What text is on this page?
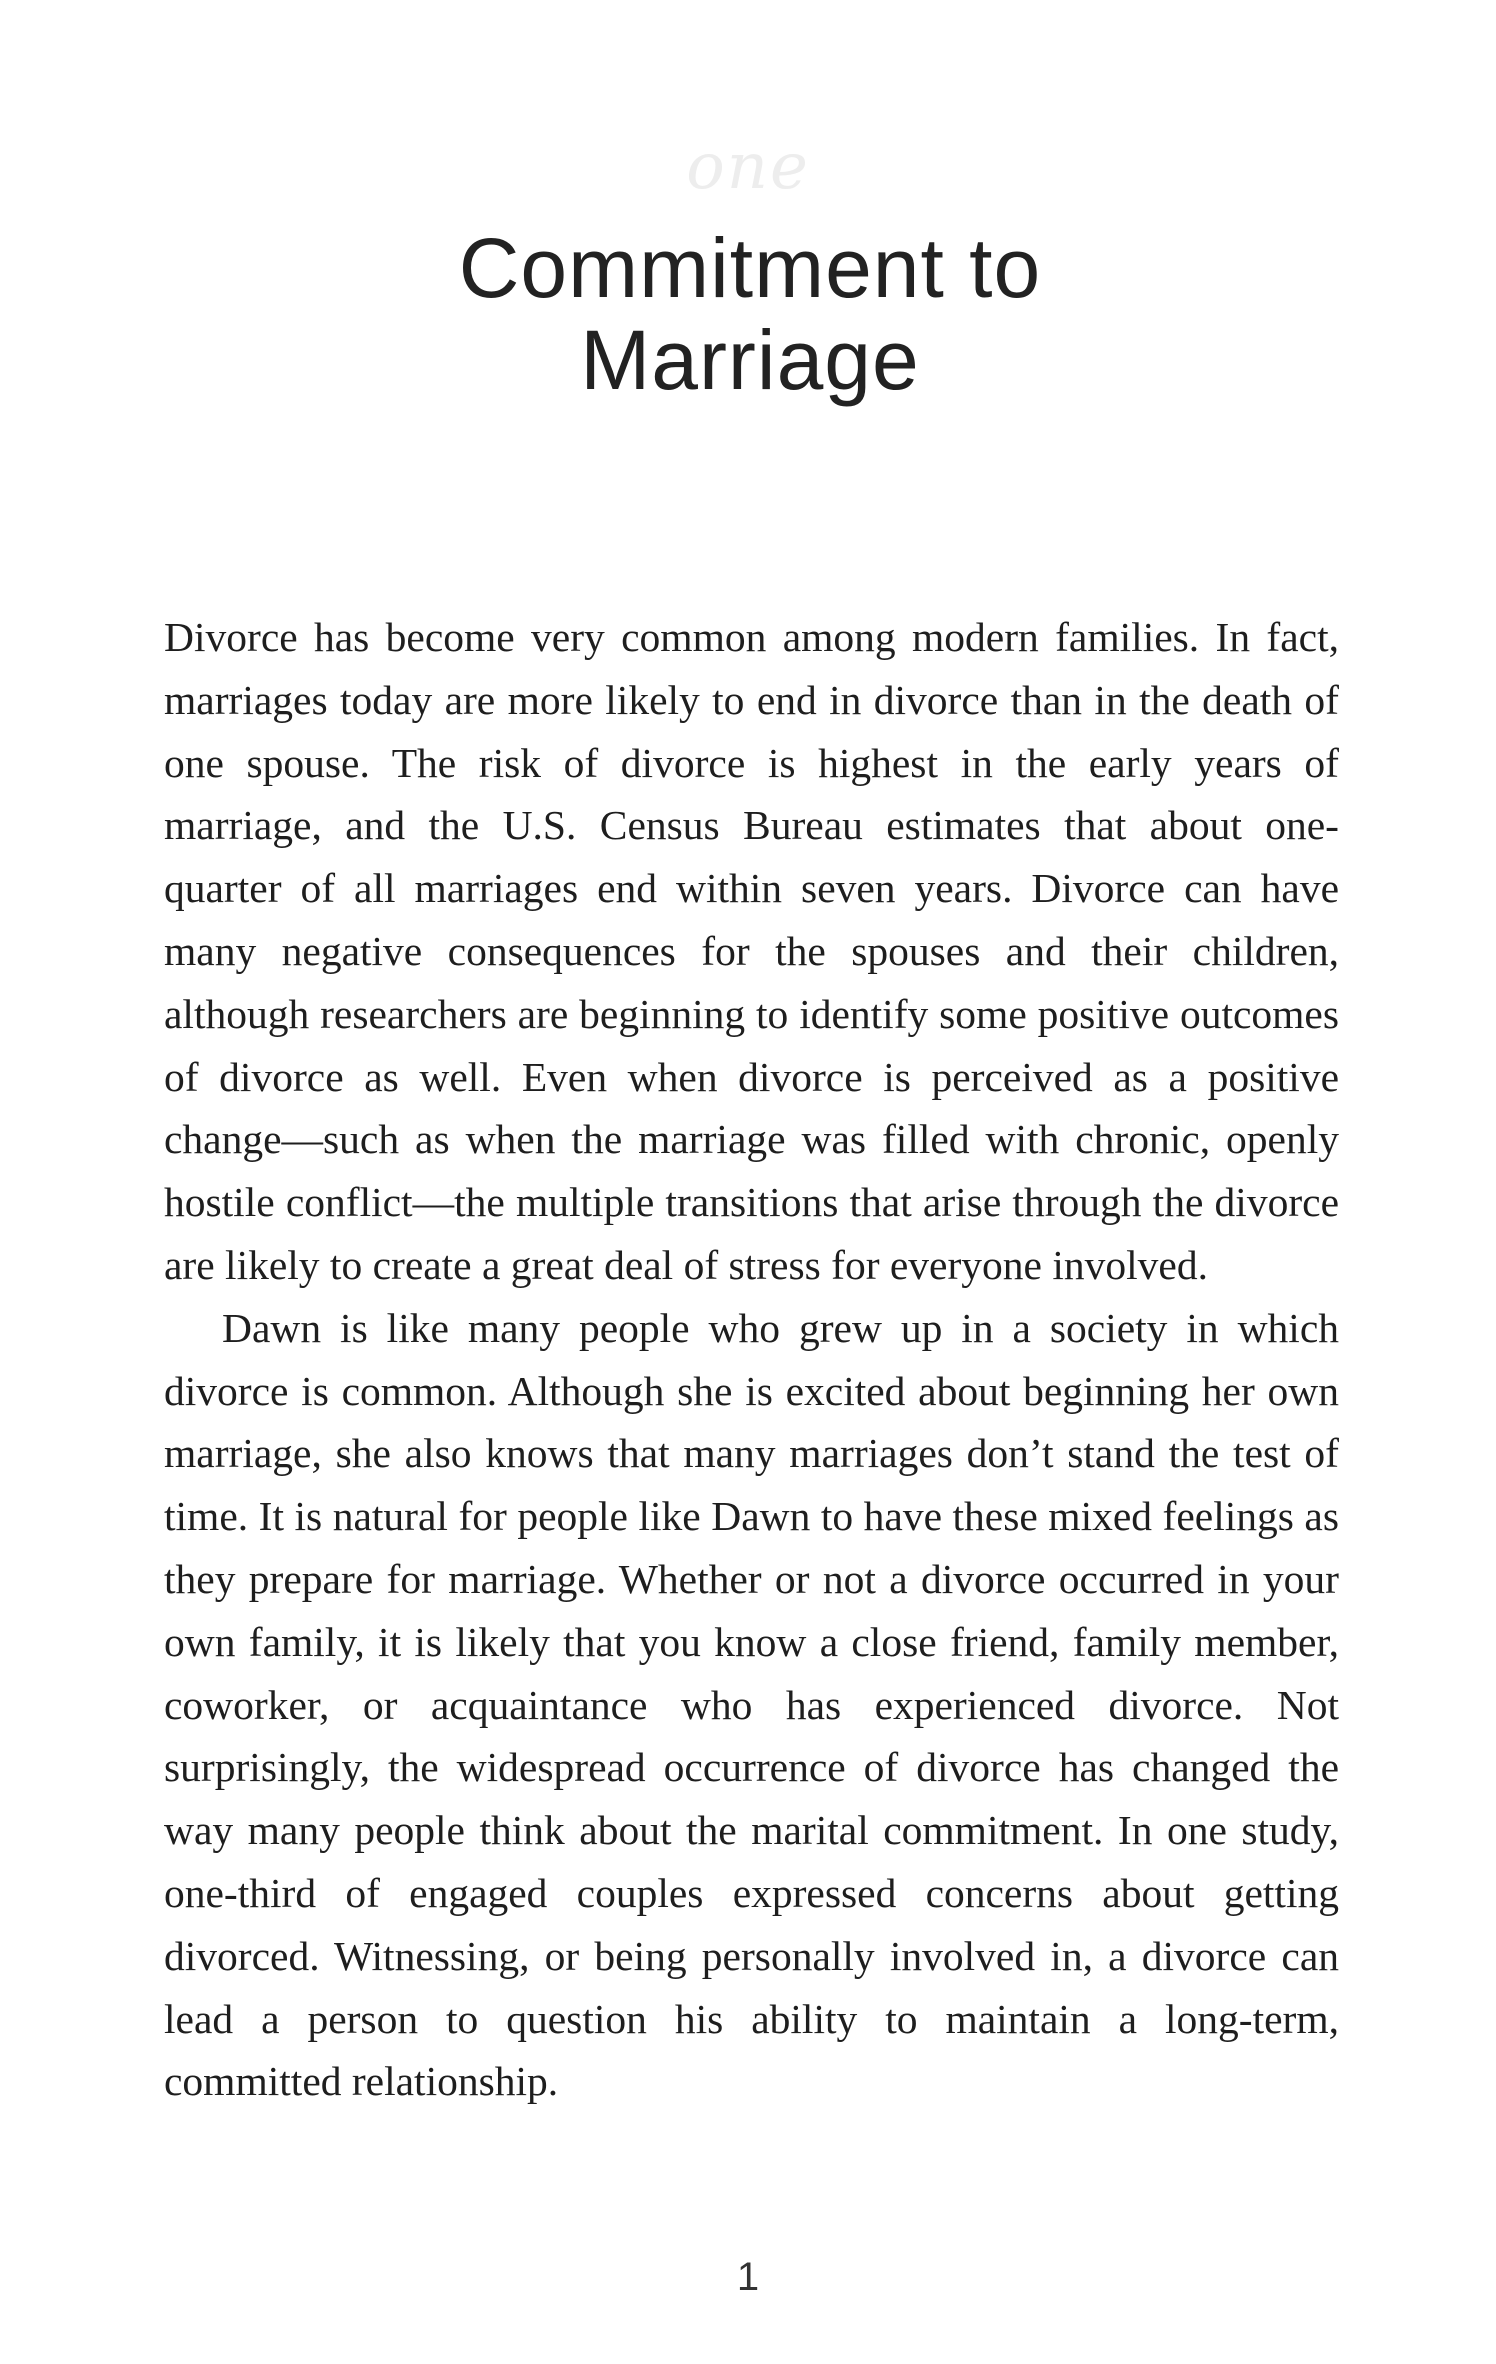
one
Commitment to
Marriage

Divorce has become very common among modern families. In fact, marriages today are more likely to end in divorce than in the death of one spouse. The risk of divorce is highest in the early years of marriage, and the U.S. Census Bureau estimates that about one-quarter of all marriages end within seven years. Divorce can have many negative consequences for the spouses and their children, although researchers are beginning to identify some positive outcomes of divorce as well. Even when divorce is perceived as a positive change—such as when the marriage was filled with chronic, openly hostile conflict—the multiple transitions that arise through the divorce are likely to create a great deal of stress for everyone involved.

Dawn is like many people who grew up in a society in which divorce is common. Although she is excited about beginning her own marriage, she also knows that many marriages don’t stand the test of time. It is natural for people like Dawn to have these mixed feelings as they prepare for marriage. Whether or not a divorce occurred in your own family, it is likely that you know a close friend, family member, coworker, or acquaintance who has experienced divorce. Not surprisingly, the widespread occurrence of divorce has changed the way many people think about the marital commitment. In one study, one-third of engaged couples expressed concerns about getting divorced. Witnessing, or being personally involved in, a divorce can lead a person to question his ability to maintain a long-term, committed relationship.

1
